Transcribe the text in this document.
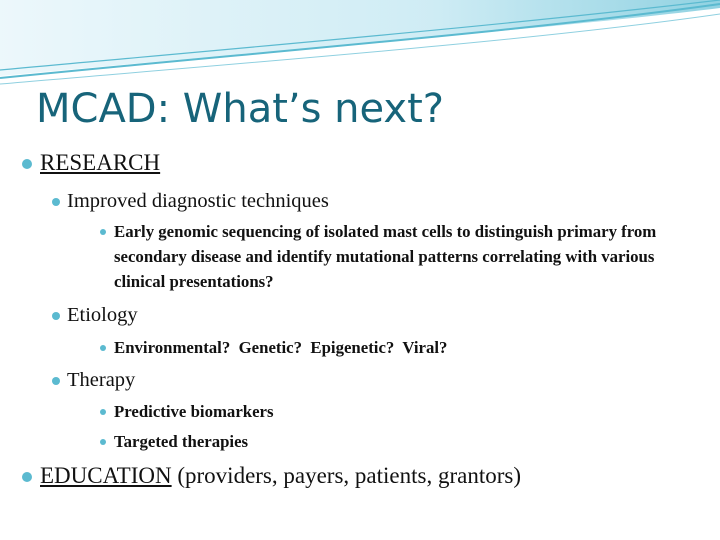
MCAD: What’s next?
RESEARCH
Improved diagnostic techniques
Early genomic sequencing of isolated mast cells to distinguish primary from secondary disease and identify mutational patterns correlating with various clinical presentations?
Etiology
Environmental?  Genetic?  Epigenetic?  Viral?
Therapy
Predictive biomarkers
Targeted therapies
EDUCATION (providers, payers, patients, grantors)
